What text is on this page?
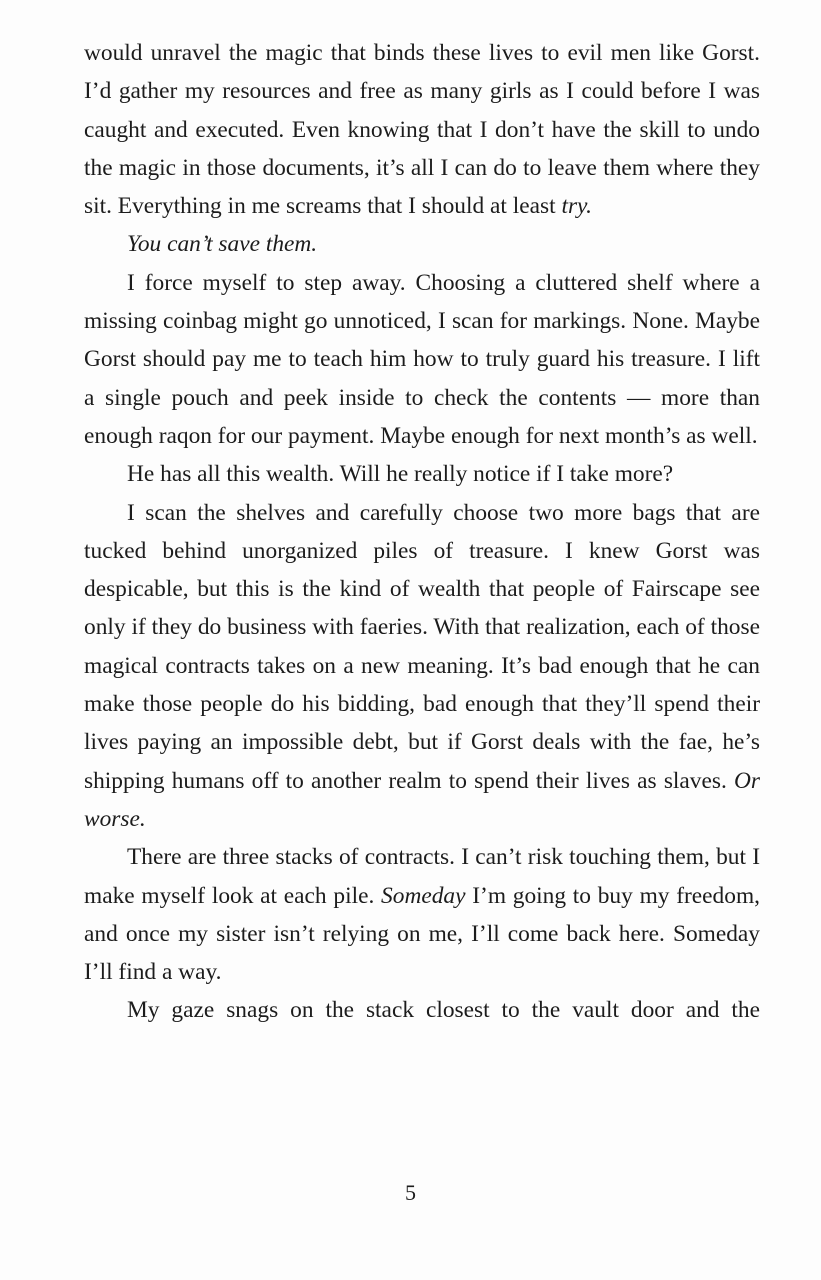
would unravel the magic that binds these lives to evil men like Gorst. I’d gather my resources and free as many girls as I could before I was caught and executed. Even knowing that I don’t have the skill to undo the magic in those documents, it’s all I can do to leave them where they sit. Everything in me screams that I should at least try.

You can’t save them.

I force myself to step away. Choosing a cluttered shelf where a missing coinbag might go unnoticed, I scan for markings. None. Maybe Gorst should pay me to teach him how to truly guard his treasure. I lift a single pouch and peek inside to check the contents — more than enough raqon for our payment. Maybe enough for next month’s as well.

He has all this wealth. Will he really notice if I take more?

I scan the shelves and carefully choose two more bags that are tucked behind unorganized piles of treasure. I knew Gorst was despicable, but this is the kind of wealth that people of Fairscape see only if they do business with faeries. With that realization, each of those magical contracts takes on a new meaning. It’s bad enough that he can make those people do his bidding, bad enough that they’ll spend their lives paying an impossible debt, but if Gorst deals with the fae, he’s shipping humans off to another realm to spend their lives as slaves. Or worse.

There are three stacks of contracts. I can’t risk touching them, but I make myself look at each pile. Someday I’m going to buy my freedom, and once my sister isn’t relying on me, I’ll come back here. Someday I’ll find a way.

My gaze snags on the stack closest to the vault door and the

5
